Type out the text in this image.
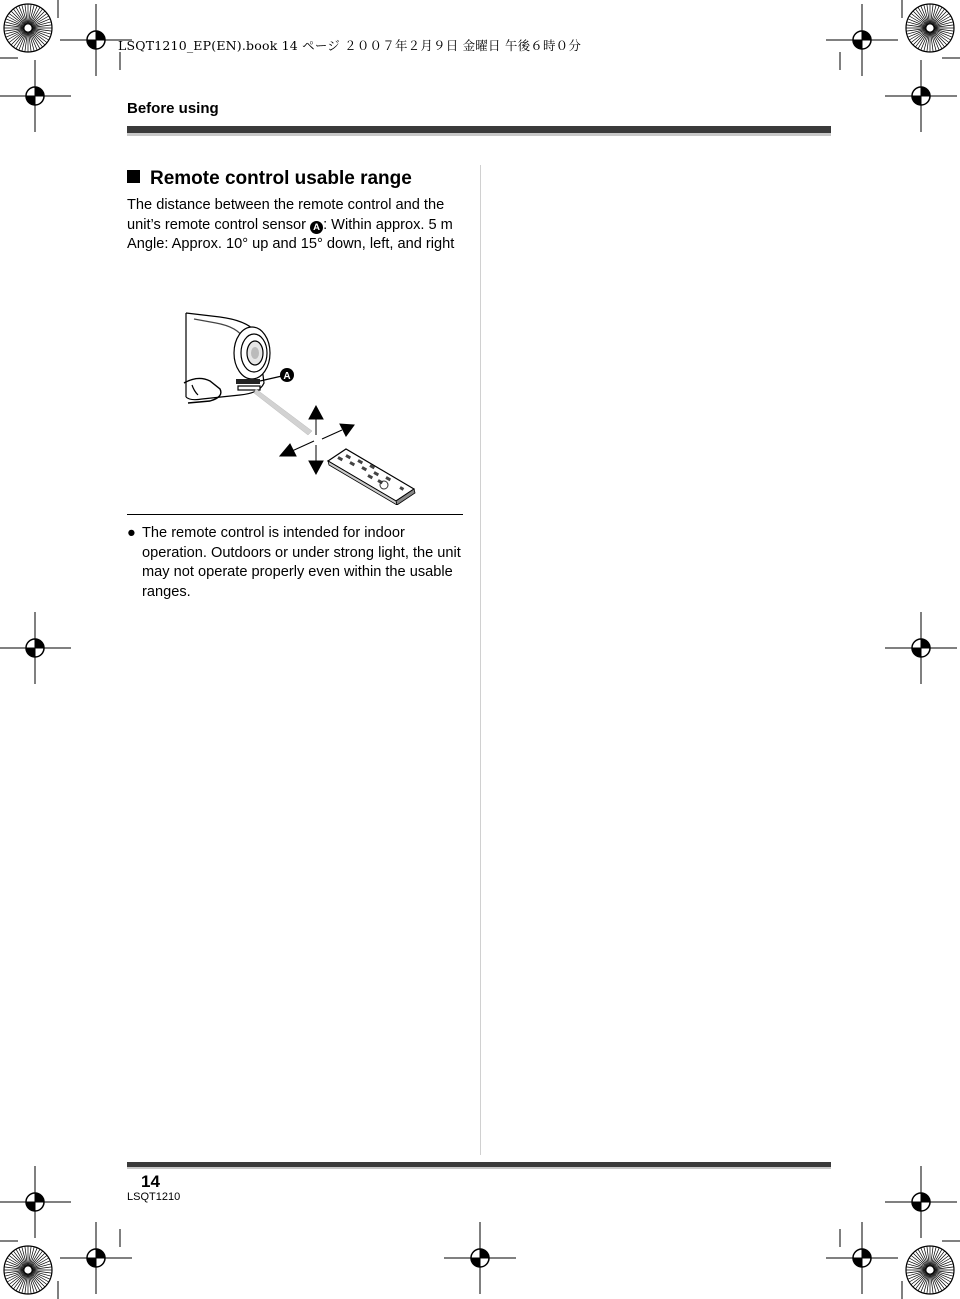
LSQT1210_EP(EN).book 14 ページ ２００７年２月９日 金曜日 午後６時０分
Before using
Remote control usable range

The distance between the remote control and the unit’s remote control sensor A : Within approx. 5 m

Angle: Approx. 10° up and 15° down, left, and right

A
● The remote control is intended for indoor operation. Outdoors or under strong light, the unit may not operate properly even within the usable ranges.
14
LSQT1210
